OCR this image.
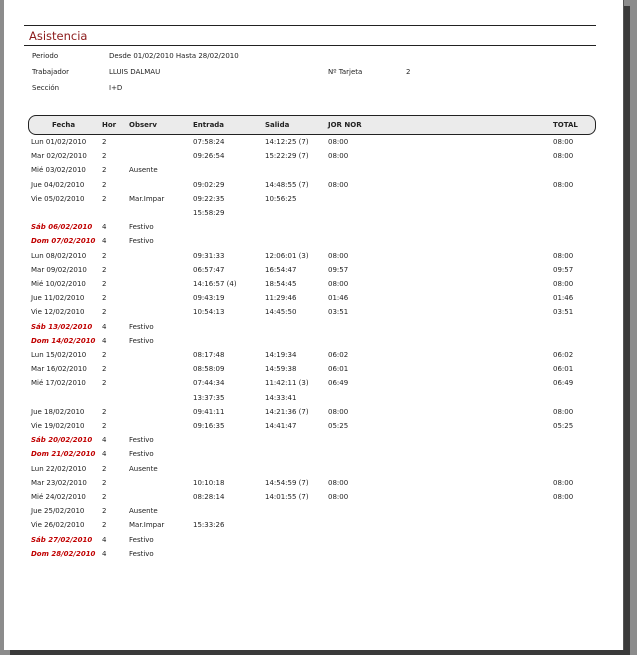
Asistencia
Periodo	Desde 01/02/2010 Hasta 28/02/2010
Trabajador	LLUIS DALMAU	Nº Tarjeta	2
Sección	I+D
Fecha	Hor Observ	Entrada	Salida	JOR NOR	TOTAL
Lun 01/02/2010 2	07:58:24	14:12:25 (7)	08:00	08:00
Mar 02/02/2010 2	09:26:54	15:22:29 (7)	08:00	08:00
Mié 03/02/2010 2	Ausente
Jue 04/02/2010	2	09:02:29	14:48:55 (7)	08:00	08:00
Vie 05/02/2010	2	Mar.Impar	09:22:35	10:56:25
15:58:29
Sáb 06/02/2010 4	Festivo
Dom 07/02/2010 4	Festivo
Lun 08/02/2010 2	09:31:33	12:06:01 (3)	08:00	08:00
Mar 09/02/2010 2	06:57:47	16:54:47	09:57	09:57
Mié 10/02/2010 2	14:16:57 (4)	18:54:45	08:00	08:00
Jue 11/02/2010	2	09:43:19	11:29:46	01:46	01:46
Vie 12/02/2010	2	10:54:13	14:45:50	03:51	03:51
Sáb 13/02/2010 4	Festivo
Dom 14/02/2010 4	Festivo
Lun 15/02/2010 2	08:17:48	14:19:34	06:02	06:02
Mar 16/02/2010 2	08:58:09	14:59:38	06:01	06:01
Mié 17/02/2010 2	07:44:34	11:42:11 (3)	06:49	06:49
13:37:35	14:33:41
Jue 18/02/2010	2	09:41:11	14:21:36 (7)	08:00	08:00
Vie 19/02/2010	2	09:16:35	14:41:47	05:25	05:25
Sáb 20/02/2010 4	Festivo
Dom 21/02/2010 4	Festivo
Lun 22/02/2010 2	Ausente
Mar 23/02/2010 2	10:10:18	14:54:59 (7)	08:00	08:00
Mié 24/02/2010 2	08:28:14	14:01:55 (7)	08:00	08:00
Jue 25/02/2010	2	Ausente
Vie 26/02/2010	2	Mar.Impar	15:33:26
Sáb 27/02/2010 4	Festivo
Dom 28/02/2010 4	Festivo
